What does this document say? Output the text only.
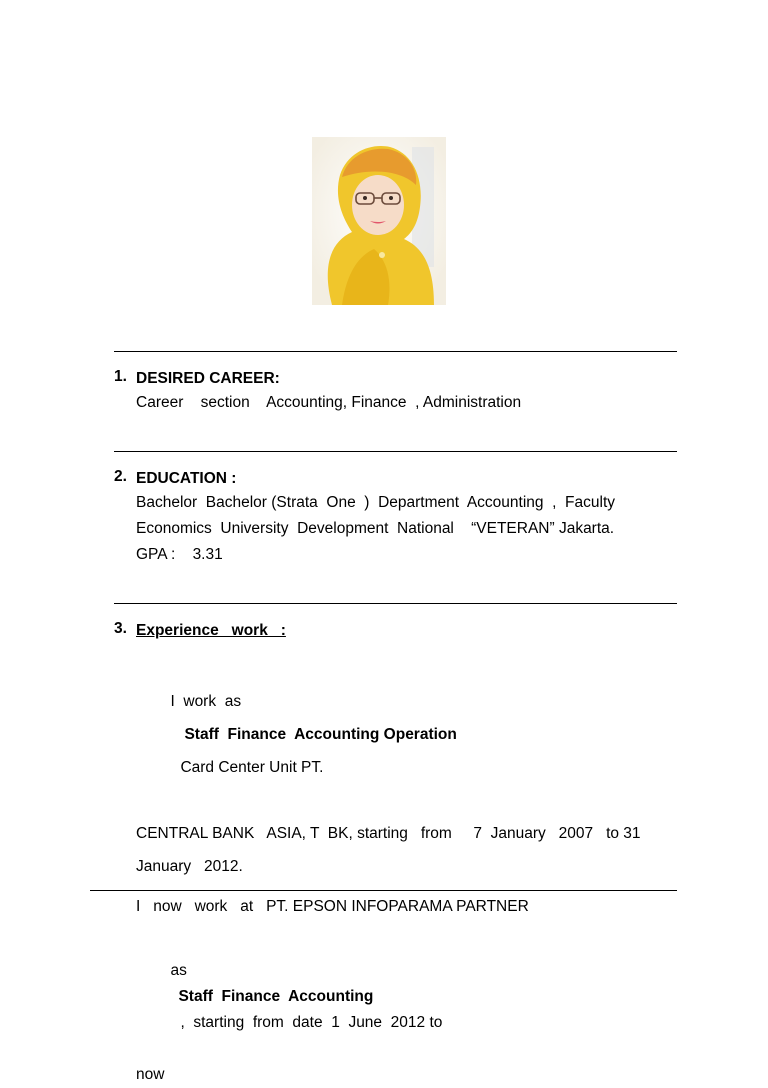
1. DESIRED CAREER:
Career    section    Accounting, Finance  , Administration
2. EDUCATION :
Bachelor  Bachelor (Strata  One  )  Department  Accounting  ,  Faculty
Economics  University  Development  National    “VETERAN” Jakarta.
GPA :    3.31
3. Experience   work   :

I  work  as
Staff  Finance  Accounting Operation
Card Center Unit PT.

CENTRAL BANK   ASIA, T  BK, starting   from     7  January   2007   to 31
January   2012.
I   now   work   at   PT. EPSON INFOPARAMA PARTNER

as
Staff  Finance  Accounting
,  starting  from  date  1  June  2012 to

now
